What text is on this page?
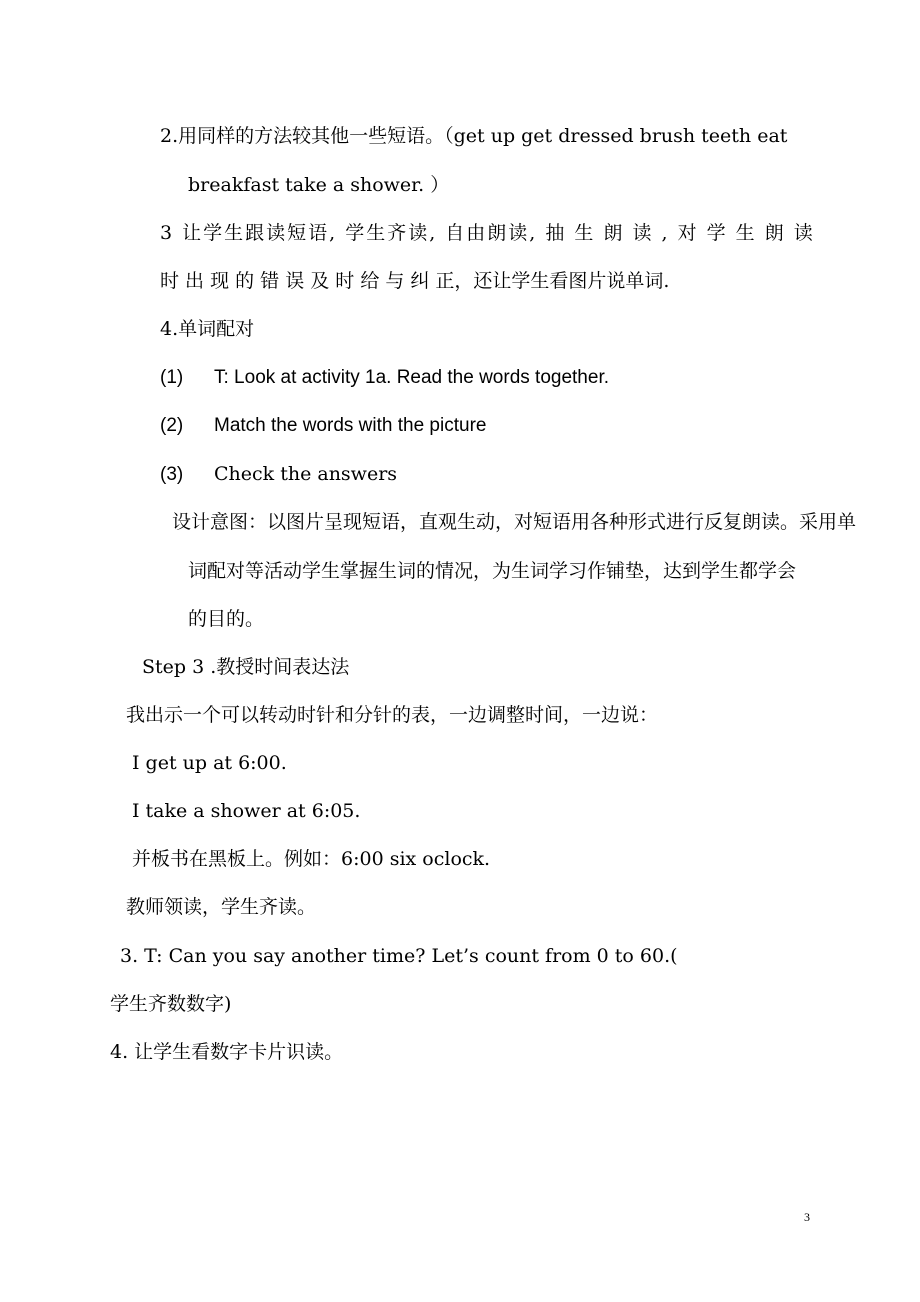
2.用同样的方法较其他一些短语。（get up get dressed brush teeth eat
breakfast take a shower. ）
3 让学生跟读短语, 学生齐读, 自由朗读, 抽 生 朗 读 , 对 学 生 朗 读
时 出 现 的 错 误 及 时 给 与 纠 正，还让学生看图片说单词.
4.单词配对
(1) T: Look at activity 1a. Read the words together.
(2) Match the words with the picture
(3) Check the answers
设计意图：以图片呈现短语，直观生动，对短语用各种形式进行反复朗读。采用单
词配对等活动学生掌握生词的情况，为生词学习作铺垫，达到学生都学会
的目的。
Step 3 .教授时间表达法
我出示一个可以转动时针和分针的表，一边调整时间，一边说：
I get up at 6:00.
I take a shower at 6:05.
并板书在黑板上。例如：6:00 six oclock.
教师领读，学生齐读。
3. T: Can you say another time? Let’s count from 0 to 60.(
学生齐数数字)
4. 让学生看数字卡片识读。
3
